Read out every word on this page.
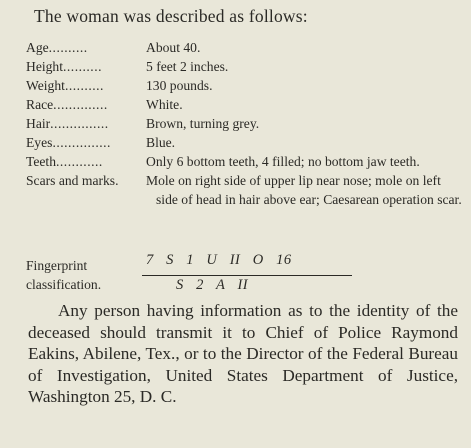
The woman was described as follows:
Age..........	About 40.
Height..........	5 feet 2 inches.
Weight..........	130 pounds.
Race..............	White.
Hair...............	Brown, turning grey.
Eyes...............	Blue.
Teeth............	Only 6 bottom teeth, 4 filled; no bottom jaw teeth.
Scars and marks.	Mole on right side of upper lip near nose; mole on left side of head in hair above ear; Caesarean operation scar.
Fingerprint classification.
7   S   1   U   II   O   16
S   2   A   II
Any person having information as to the identity of the deceased should transmit it to Chief of Police Raymond Eakins, Abilene, Tex., or to the Director of the Federal Bureau of Investigation, United States Department of Justice, Washington 25, D. C.
